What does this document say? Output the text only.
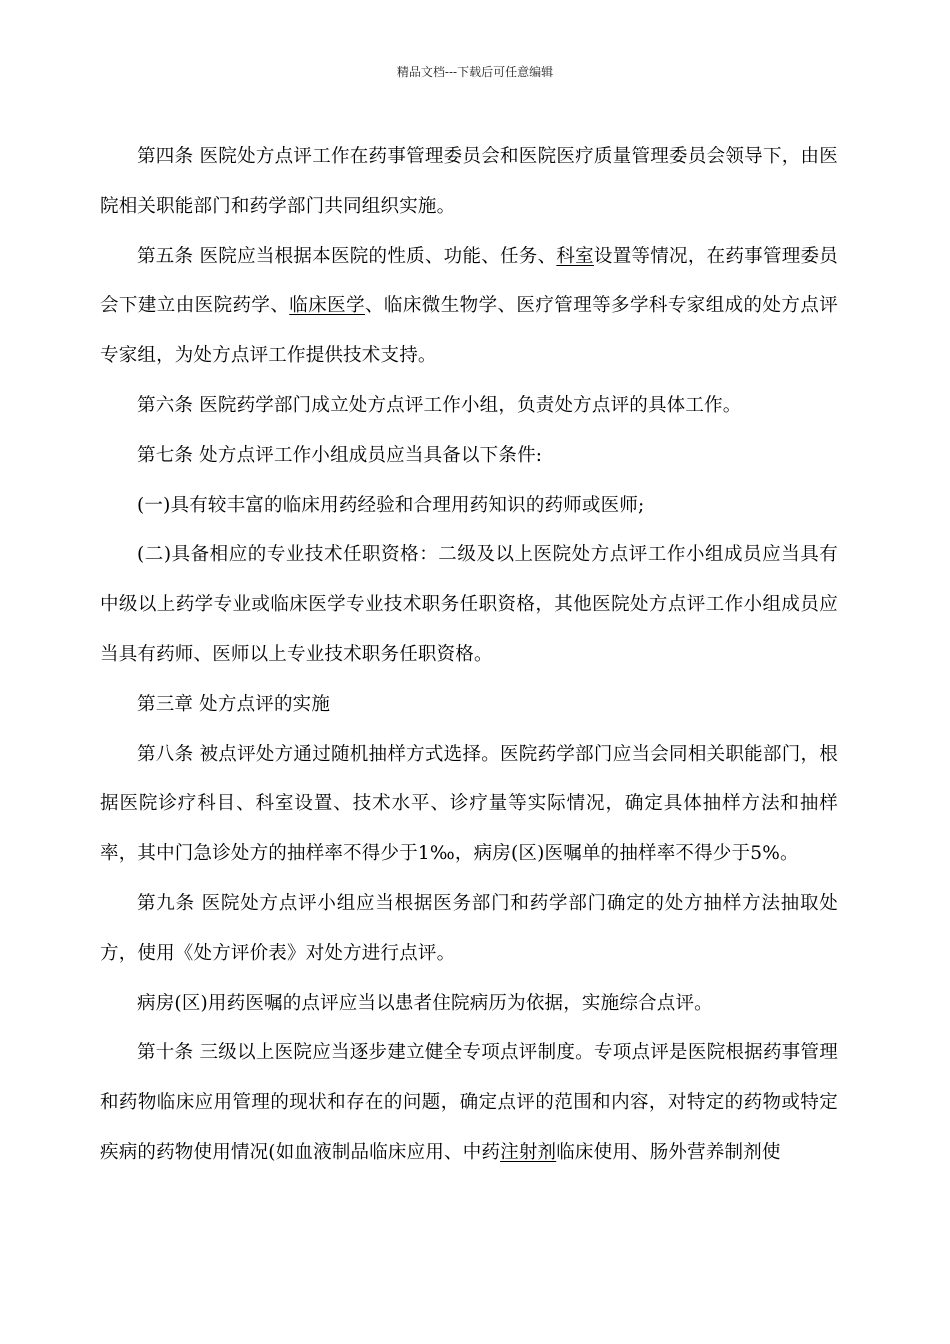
精品文档---下载后可任意编辑

第四条 医院处方点评工作在药事管理委员会和医院医疗质量管理委员会领导下，由医院相关职能部门和药学部门共同组织实施。

第五条 医院应当根据本医院的性质、功能、任务、科室设置等情况，在药事管理委员会下建立由医院药学、临床医学、临床微生物学、医疗管理等多学科专家组成的处方点评专家组，为处方点评工作提供技术支持。

第六条 医院药学部门成立处方点评工作小组，负责处方点评的具体工作。

第七条 处方点评工作小组成员应当具备以下条件:

(一)具有较丰富的临床用药经验和合理用药知识的药师或医师;

(二)具备相应的专业技术任职资格：二级及以上医院处方点评工作小组成员应当具有中级以上药学专业或临床医学专业技术职务任职资格，其他医院处方点评工作小组成员应当具有药师、医师以上专业技术职务任职资格。

第三章 处方点评的实施

第八条 被点评处方通过随机抽样方式选择。医院药学部门应当会同相关职能部门，根据医院诊疗科目、科室设置、技术水平、诊疗量等实际情况，确定具体抽样方法和抽样率，其中门急诊处方的抽样率不得少于1‰，病房(区)医嘱单的抽样率不得少于5%。

第九条 医院处方点评小组应当根据医务部门和药学部门确定的处方抽样方法抽取处方，使用《处方评价表》对处方进行点评。

病房(区)用药医嘱的点评应当以患者住院病历为依据，实施综合点评。

第十条 三级以上医院应当逐步建立健全专项点评制度。专项点评是医院根据药事管理和药物临床应用管理的现状和存在的问题，确定点评的范围和内容，对特定的药物或特定疾病的药物使用情况(如血液制品临床应用、中药注射剂临床使用、肠外营养制剂使
